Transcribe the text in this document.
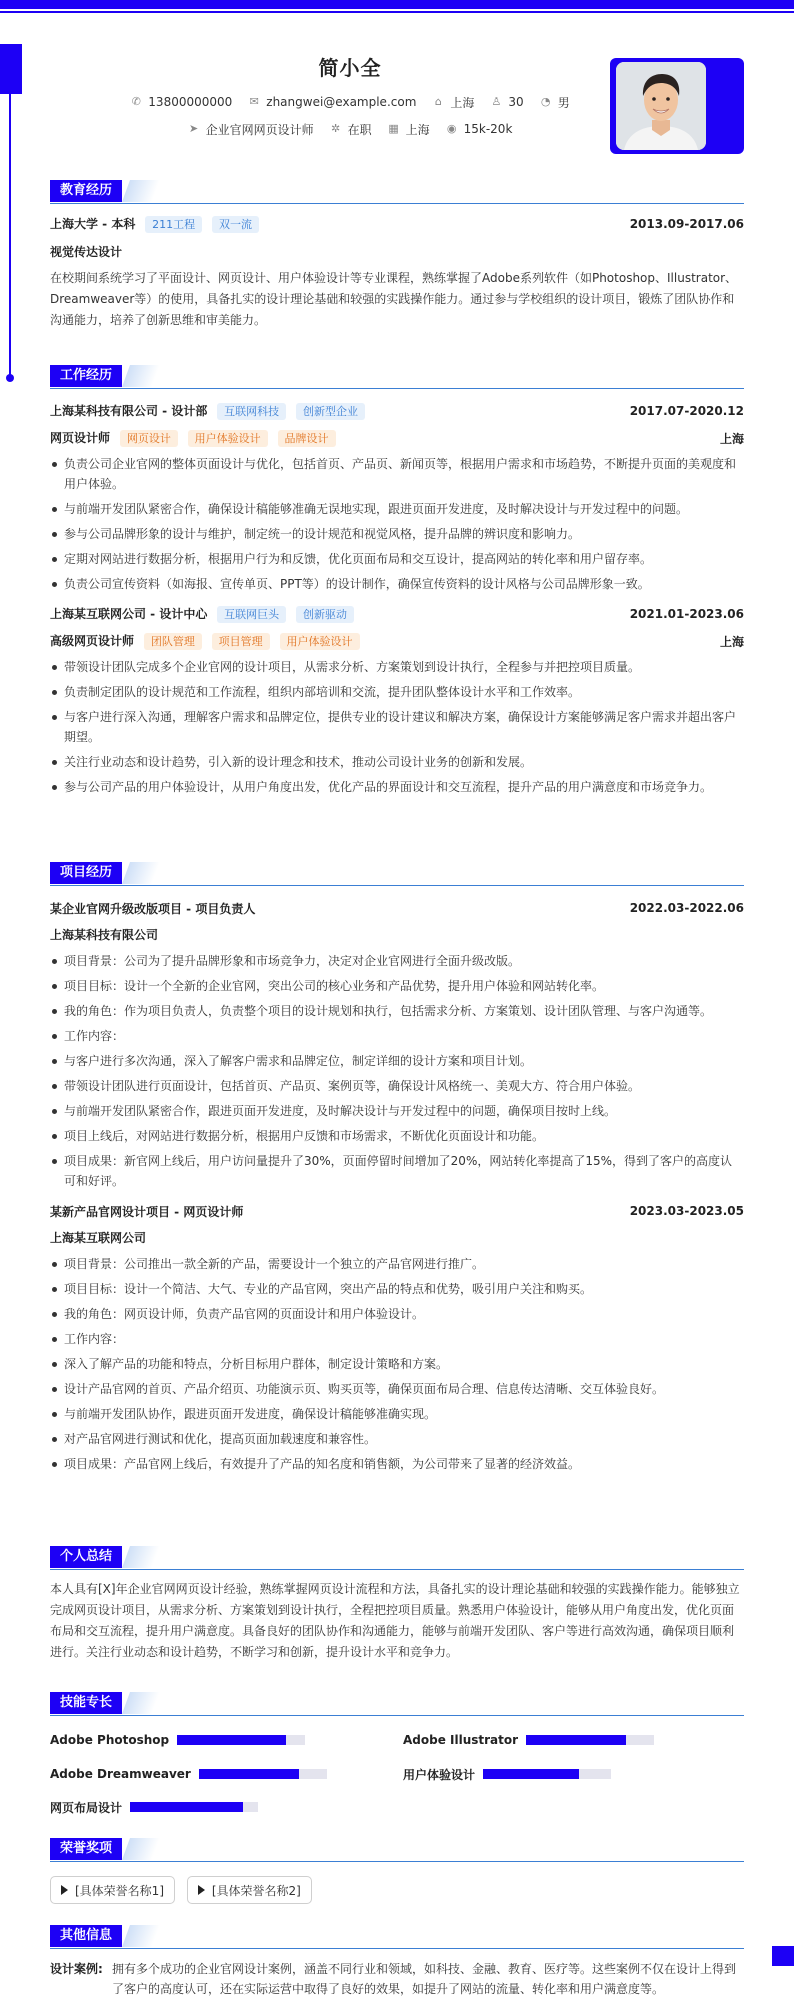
简小全
✆ 13800000000 ✉ zhangwei@example.com ⌂ 上海 ♙ 30 ◔ 男
➤ 企业官网网页设计师 ✲ 在职 ▦ 上海 ◉ 15k-20k
教育经历
上海大学 - 本科 211工程 双一流	2013.09-2017.06
视觉传达设计
在校期间系统学习了平面设计、网页设计、用户体验设计等专业课程，熟练掌握了Adobe系列软件（如Photoshop、Illustrator、Dreamweaver等）的使用，具备扎实的设计理论基础和较强的实践操作能力。通过参与学校组织的设计项目，锻炼了团队协作和沟通能力，培养了创新思维和审美能力。
工作经历
上海某科技有限公司 - 设计部 互联网科技 创新型企业	2017.07-2020.12
网页设计师 网页设计 用户体验设计 品牌设计	上海
负责公司企业官网的整体页面设计与优化，包括首页、产品页、新闻页等，根据用户需求和市场趋势，不断提升页面的美观度和用户体验。
与前端开发团队紧密合作，确保设计稿能够准确无误地实现，跟进页面开发进度，及时解决设计与开发过程中的问题。
参与公司品牌形象的设计与维护，制定统一的设计规范和视觉风格，提升品牌的辨识度和影响力。
定期对网站进行数据分析，根据用户行为和反馈，优化页面布局和交互设计，提高网站的转化率和用户留存率。
负责公司宣传资料（如海报、宣传单页、PPT等）的设计制作，确保宣传资料的设计风格与公司品牌形象一致。
上海某互联网公司 - 设计中心 互联网巨头 创新驱动	2021.01-2023.06
高级网页设计师 团队管理 项目管理 用户体验设计	上海
带领设计团队完成多个企业官网的设计项目，从需求分析、方案策划到设计执行，全程参与并把控项目质量。
负责制定团队的设计规范和工作流程，组织内部培训和交流，提升团队整体设计水平和工作效率。
与客户进行深入沟通，理解客户需求和品牌定位，提供专业的设计建议和解决方案，确保设计方案能够满足客户需求并超出客户期望。
关注行业动态和设计趋势，引入新的设计理念和技术，推动公司设计业务的创新和发展。
参与公司产品的用户体验设计，从用户角度出发，优化产品的界面设计和交互流程，提升产品的用户满意度和市场竞争力。
项目经历
某企业官网升级改版项目 - 项目负责人	2022.03-2022.06
上海某科技有限公司
项目背景：公司为了提升品牌形象和市场竞争力，决定对企业官网进行全面升级改版。
项目目标：设计一个全新的企业官网，突出公司的核心业务和产品优势，提升用户体验和网站转化率。
我的角色：作为项目负责人，负责整个项目的设计规划和执行，包括需求分析、方案策划、设计团队管理、与客户沟通等。
工作内容：
与客户进行多次沟通，深入了解客户需求和品牌定位，制定详细的设计方案和项目计划。
带领设计团队进行页面设计，包括首页、产品页、案例页等，确保设计风格统一、美观大方、符合用户体验。
与前端开发团队紧密合作，跟进页面开发进度，及时解决设计与开发过程中的问题，确保项目按时上线。
项目上线后，对网站进行数据分析，根据用户反馈和市场需求，不断优化页面设计和功能。
项目成果：新官网上线后，用户访问量提升了30%，页面停留时间增加了20%，网站转化率提高了15%，得到了客户的高度认可和好评。
某新产品官网设计项目 - 网页设计师	2023.03-2023.05
上海某互联网公司
项目背景：公司推出一款全新的产品，需要设计一个独立的产品官网进行推广。
项目目标：设计一个简洁、大气、专业的产品官网，突出产品的特点和优势，吸引用户关注和购买。
我的角色：网页设计师，负责产品官网的页面设计和用户体验设计。
工作内容：
深入了解产品的功能和特点，分析目标用户群体，制定设计策略和方案。
设计产品官网的首页、产品介绍页、功能演示页、购买页等，确保页面布局合理、信息传达清晰、交互体验良好。
与前端开发团队协作，跟进页面开发进度，确保设计稿能够准确实现。
对产品官网进行测试和优化，提高页面加载速度和兼容性。
项目成果：产品官网上线后，有效提升了产品的知名度和销售额，为公司带来了显著的经济效益。
个人总结
本人具有[X]年企业官网网页设计经验，熟练掌握网页设计流程和方法，具备扎实的设计理论基础和较强的实践操作能力。能够独立完成网页设计项目，从需求分析、方案策划到设计执行，全程把控项目质量。熟悉用户体验设计，能够从用户角度出发，优化页面布局和交互流程，提升用户满意度。具备良好的团队协作和沟通能力，能够与前端开发团队、客户等进行高效沟通，确保项目顺利进行。关注行业动态和设计趋势，不断学习和创新，提升设计水平和竞争力。
技能专长
Adobe Photoshop	Adobe Illustrator
Adobe Dreamweaver	用户体验设计
网页布局设计
荣誉奖项
[具体荣誉名称1]
	[具体荣誉名称2]
其他信息
设计案例: 拥有多个成功的企业官网设计案例，涵盖不同行业和领域，如科技、金融、教育、医疗等。这些案例不仅在设计上得到了客户的高度认可，还在实际运营中取得了良好的效果，如提升了网站的流量、转化率和用户满意度等。
